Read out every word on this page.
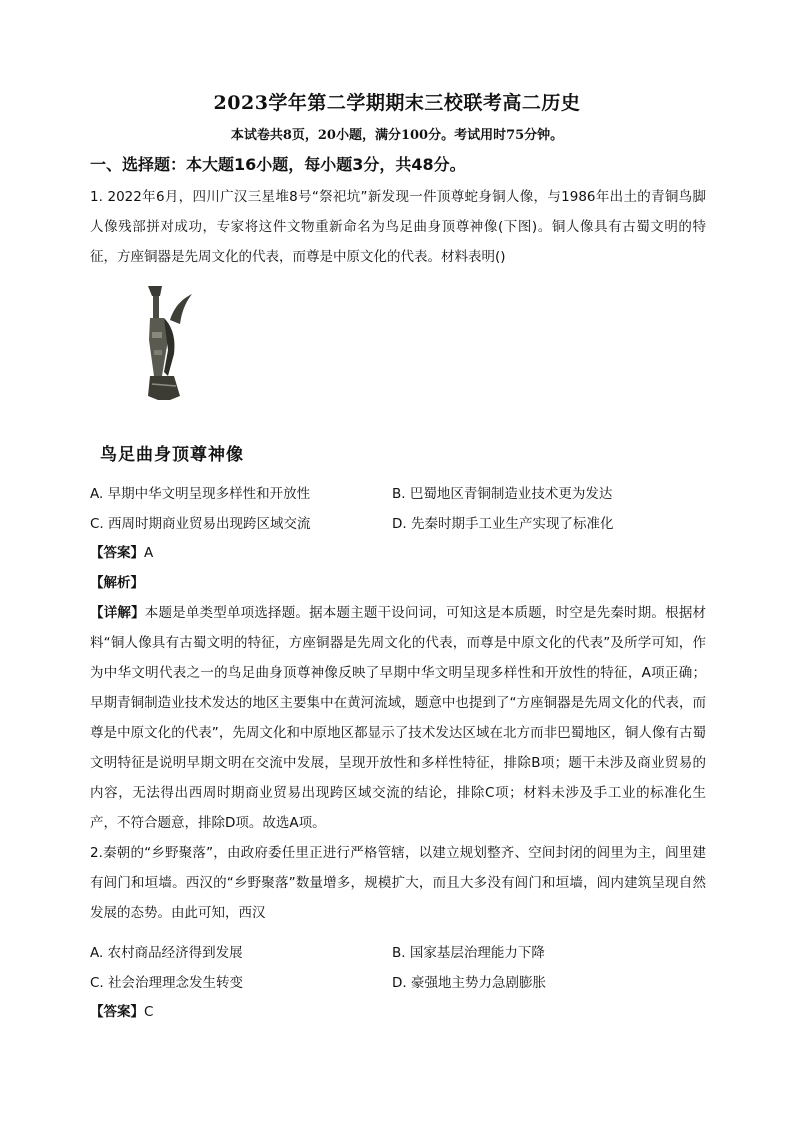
2023学年第二学期期末三校联考高二历史
本试卷共8页，20小题，满分100分。考试用时75分钟。
一、选择题：本大题16小题，每小题3分，共48分。
1. 2022年6月，四川广汉三星堆8号“祭祀坑”新发现一件顶尊蛇身铜人像，与1986年出土的青铜鸟脚人像残部拼对成功，专家将这件文物重新命名为鸟足曲身顶尊神像(下图)。铜人像具有古蜀文明的特征，方座铜器是先周文化的代表，而尊是中原文化的代表。材料表明()
鸟足曲身顶尊神像
A. 早期中华文明呈现多样性和开放性	B. 巴蜀地区青铜制造业技术更为发达
C. 西周时期商业贸易出现跨区域交流	D. 先秦时期手工业生产实现了标准化
【答案】A
【解析】
【详解】本题是单类型单项选择题。据本题主题干设问词，可知这是本质题，时空是先秦时期。根据材料“铜人像具有古蜀文明的特征，方座铜器是先周文化的代表，而尊是中原文化的代表”及所学可知，作为中华文明代表之一的鸟足曲身顶尊神像反映了早期中华文明呈现多样性和开放性的特征，A项正确；早期青铜制造业技术发达的地区主要集中在黄河流域，题意中也提到了“方座铜器是先周文化的代表，而尊是中原文化的代表”，先周文化和中原地区都显示了技术发达区域在北方而非巴蜀地区，铜人像有古蜀文明特征是说明早期文明在交流中发展，呈现开放性和多样性特征，排除B项；题干未涉及商业贸易的内容，无法得出西周时期商业贸易出现跨区域交流的结论，排除C项；材料未涉及手工业的标准化生产，不符合题意，排除D项。故选A项。
2.秦朝的“乡野聚落”，由政府委任里正进行严格管辖，以建立规划整齐、空间封闭的闾里为主，闾里建有闾门和垣墙。西汉的“乡野聚落”数量增多，规模扩大，而且大多没有闾门和垣墙，闾内建筑呈现自然发展的态势。由此可知，西汉
A. 农村商品经济得到发展	B. 国家基层治理能力下降
C. 社会治理理念发生转变	D. 豪强地主势力急剧膨胀
【答案】C
